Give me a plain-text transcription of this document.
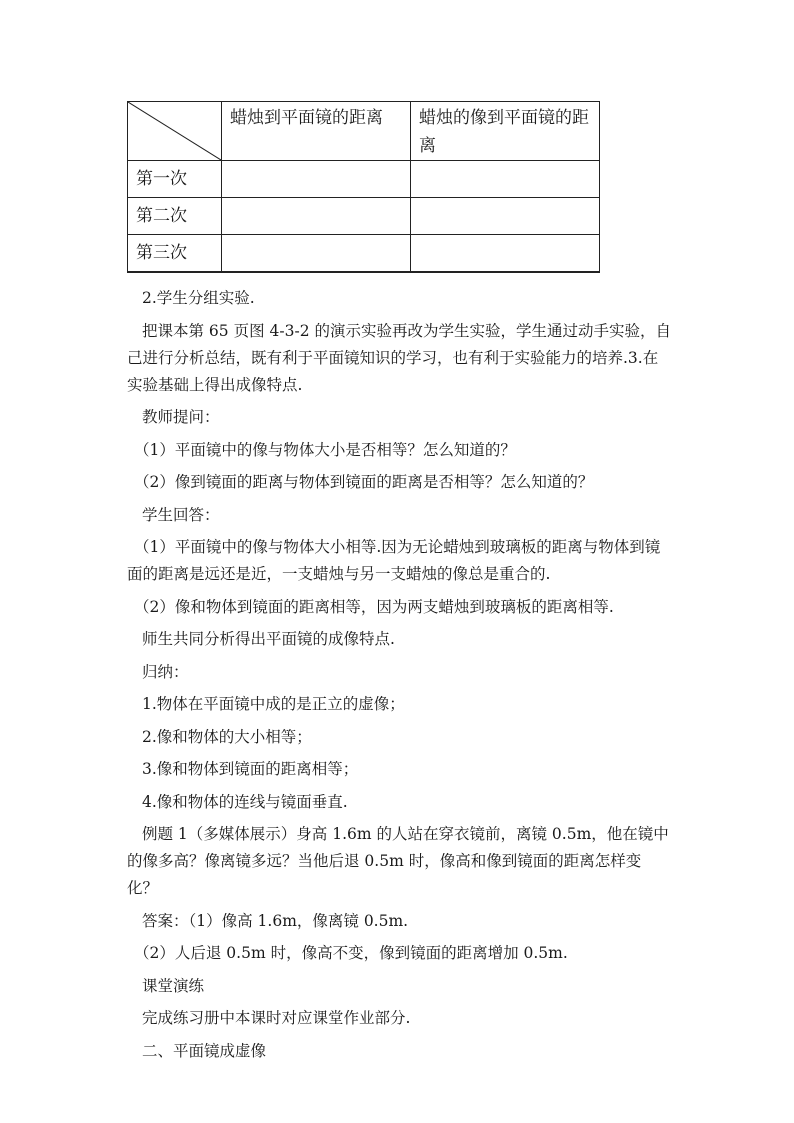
	蜡烛到平面镜的距离	蜡烛的像到平面镜的距离
第一次		
第二次		
第三次		

2.学生分组实验.

把课本第 65 页图 4-3-2 的演示实验再改为学生实验，学生通过动手实验，自己进行分析总结，既有利于平面镜知识的学习，也有利于实验能力的培养.3.在实验基础上得出成像特点.

教师提问：

（1）平面镜中的像与物体大小是否相等？怎么知道的？

（2）像到镜面的距离与物体到镜面的距离是否相等？怎么知道的？

学生回答：

（1）平面镜中的像与物体大小相等.因为无论蜡烛到玻璃板的距离与物体到镜面的距离是远还是近，一支蜡烛与另一支蜡烛的像总是重合的.

（2）像和物体到镜面的距离相等，因为两支蜡烛到玻璃板的距离相等.

师生共同分析得出平面镜的成像特点.

归纳：

1.物体在平面镜中成的是正立的虚像；

2.像和物体的大小相等；

3.像和物体到镜面的距离相等；

4.像和物体的连线与镜面垂直.

例题 1（多媒体展示）身高 1.6m 的人站在穿衣镜前，离镜 0.5m，他在镜中的像多高？像离镜多远？当他后退 0.5m 时，像高和像到镜面的距离怎样变化？

答案：（1）像高 1.6m，像离镜 0.5m.

（2）人后退 0.5m 时，像高不变，像到镜面的距离增加 0.5m.

课堂演练

完成练习册中本课时对应课堂作业部分.

二、平面镜成虚像
